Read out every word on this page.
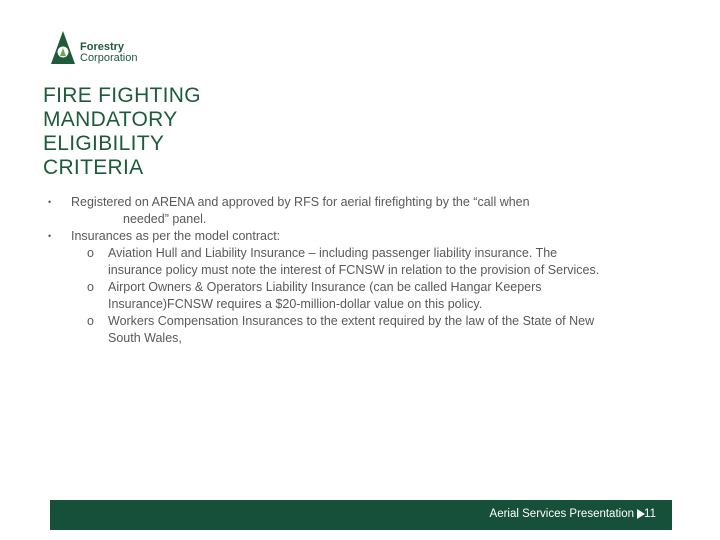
Forestry
Corporation
FIRE FIGHTING
MANDATORY
ELIGIBILITY
CRITERIA
•	Registered on ARENA and approved by RFS for aerial firefighting by the “call when
needed” panel.
•	Insurances as per the model contract:
o Aviation Hull and Liability Insurance – including passenger liability insurance. The
insurance policy must note the interest of FCNSW in relation to the provision of Services.
o Airport Owners & Operators Liability Insurance (can be called Hangar Keepers
Insurance)FCNSW requires a $20-million-dollar value on this policy.
o Workers Compensation Insurances to the extent required by the law of the State of New
South Wales,
Aerial Services Presentation 11
